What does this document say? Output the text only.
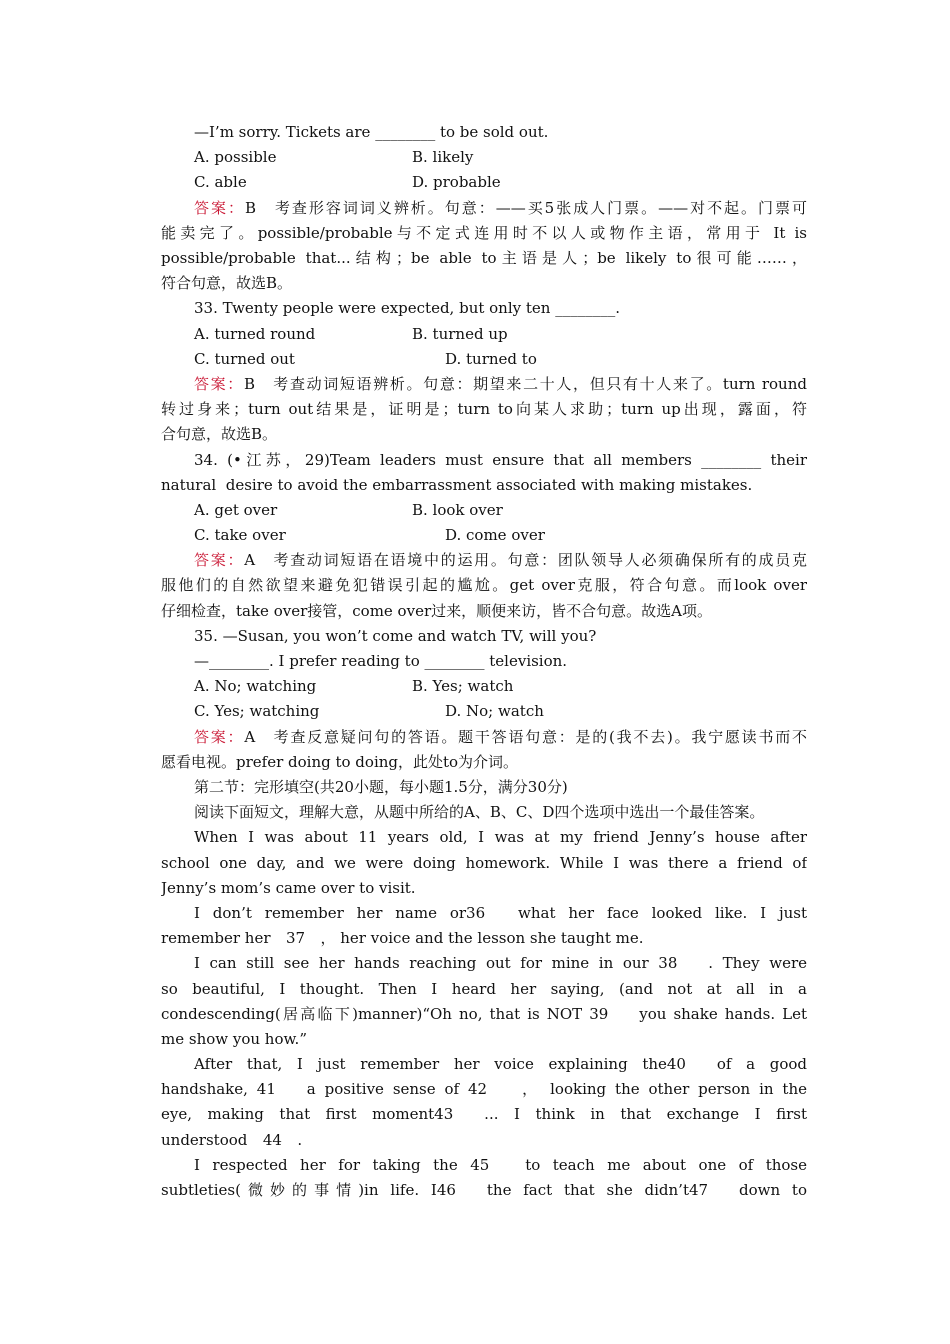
—I’m sorry. Tickets are ________ to be sold out.
A. possible	B. likely
C. able	D. probable
答案：B　考查形容词词义辨析。句意：——买5张成人门票。——对不起。门票可
能卖完了。possible/probable与不定式连用时不以人或物作主语，常用于 It is
possible/probable that...结构；be able to主语是人；be likely to很可能……，
符合句意，故选B。
33. Twenty people were expected, but only ten ________.
A. turned round	B. turned up
C. turned out	D. turned to
答案：B　考查动词短语辨析。句意：期望来二十人，但只有十人来了。turn round
转过身来；turn out结果是，证明是；turn to向某人求助；turn up出现，露面，符
合句意，故选B。
34. (•江苏，29)Team leaders must ensure that all members ________ their
natural  desire to avoid the embarrassment associated with making mistakes.
A. get over	B. look over
C. take over	D. come over
答案：A　考查动词短语在语境中的运用。句意：团队领导人必须确保所有的成员克
服他们的自然欲望来避免犯错误引起的尴尬。get over克服，符合句意。而look over
仔细检查，take over接管，come over过来，顺便来访，皆不合句意。故选A项。
35. —Susan, you won’t come and watch TV, will you?
—________. I prefer reading to ________ television.
A. No; watching	B. Yes; watch
C. Yes; watching	D. No; watch
答案：A　考查反意疑问句的答语。题干答语句意：是的(我不去)。我宁愿读书而不
愿看电视。prefer doing to doing，此处to为介词。
第二节：完形填空(共20小题，每小题1.5分，满分30分)
阅读下面短文，理解大意，从题中所给的A、B、C、D四个选项中选出一个最佳答案。
When I was about 11 years old, I was at my friend Jenny’s house after
school one day, and we were doing homework. While I was there a friend of
Jenny’s mom’s came over to visit.
I don’t remember her name or36 what her face looked like. I just
remember her 37 ， her voice and the lesson she taught me.
I can still see her hands reaching out for mine in our 38 . They were
so beautiful, I thought. Then I heard her saying, (and not at all in a
condescending(居高临下)manner)“Oh no, that is NOT 39 you shake hands. Let
me show you how.”
After that, I just remember her voice explaining the40 of a good
handshake, 41 a positive sense of 42 ， looking the other person in the
eye, making that first moment43 ... I think in that exchange I first
understood 44 .
I respected her for taking the 45 to teach me about one of those
subtleties(微妙的事情)in life. I46 the fact that she didn’t47 down to
